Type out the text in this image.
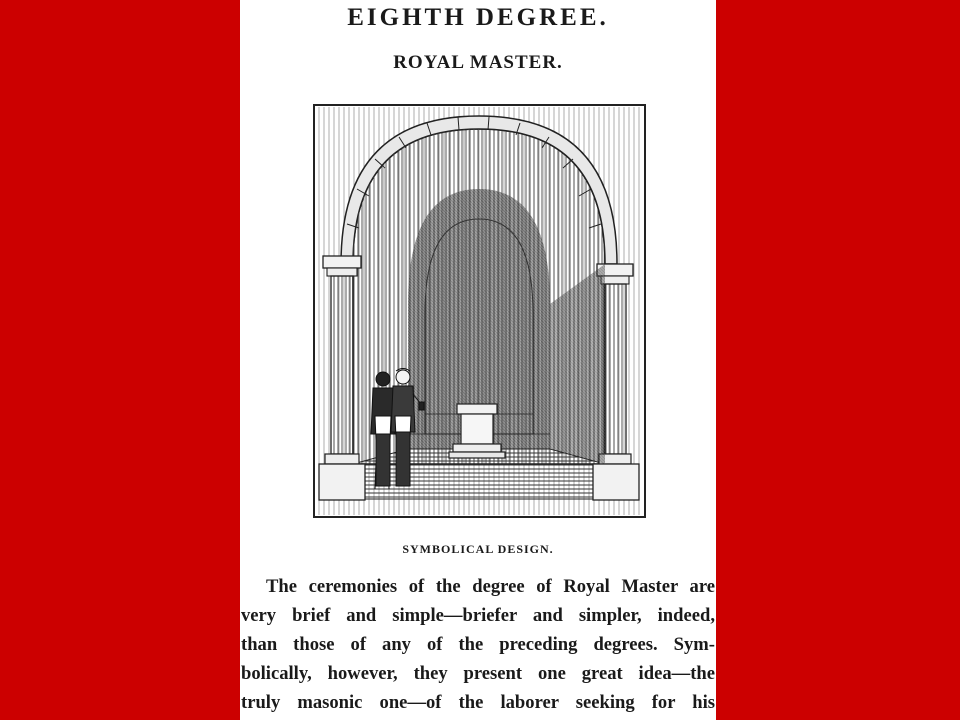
EIGHTH DEGREE.
ROYAL MASTER.
SYMBOLICAL DESIGN.
The ceremonies of the degree of Royal Master are
very brief and simple—briefer and simpler, indeed,
than those of any of the preceding degrees. Sym-
bolically, however, they present one great idea—the
truly masonic one—of the laborer seeking for his
